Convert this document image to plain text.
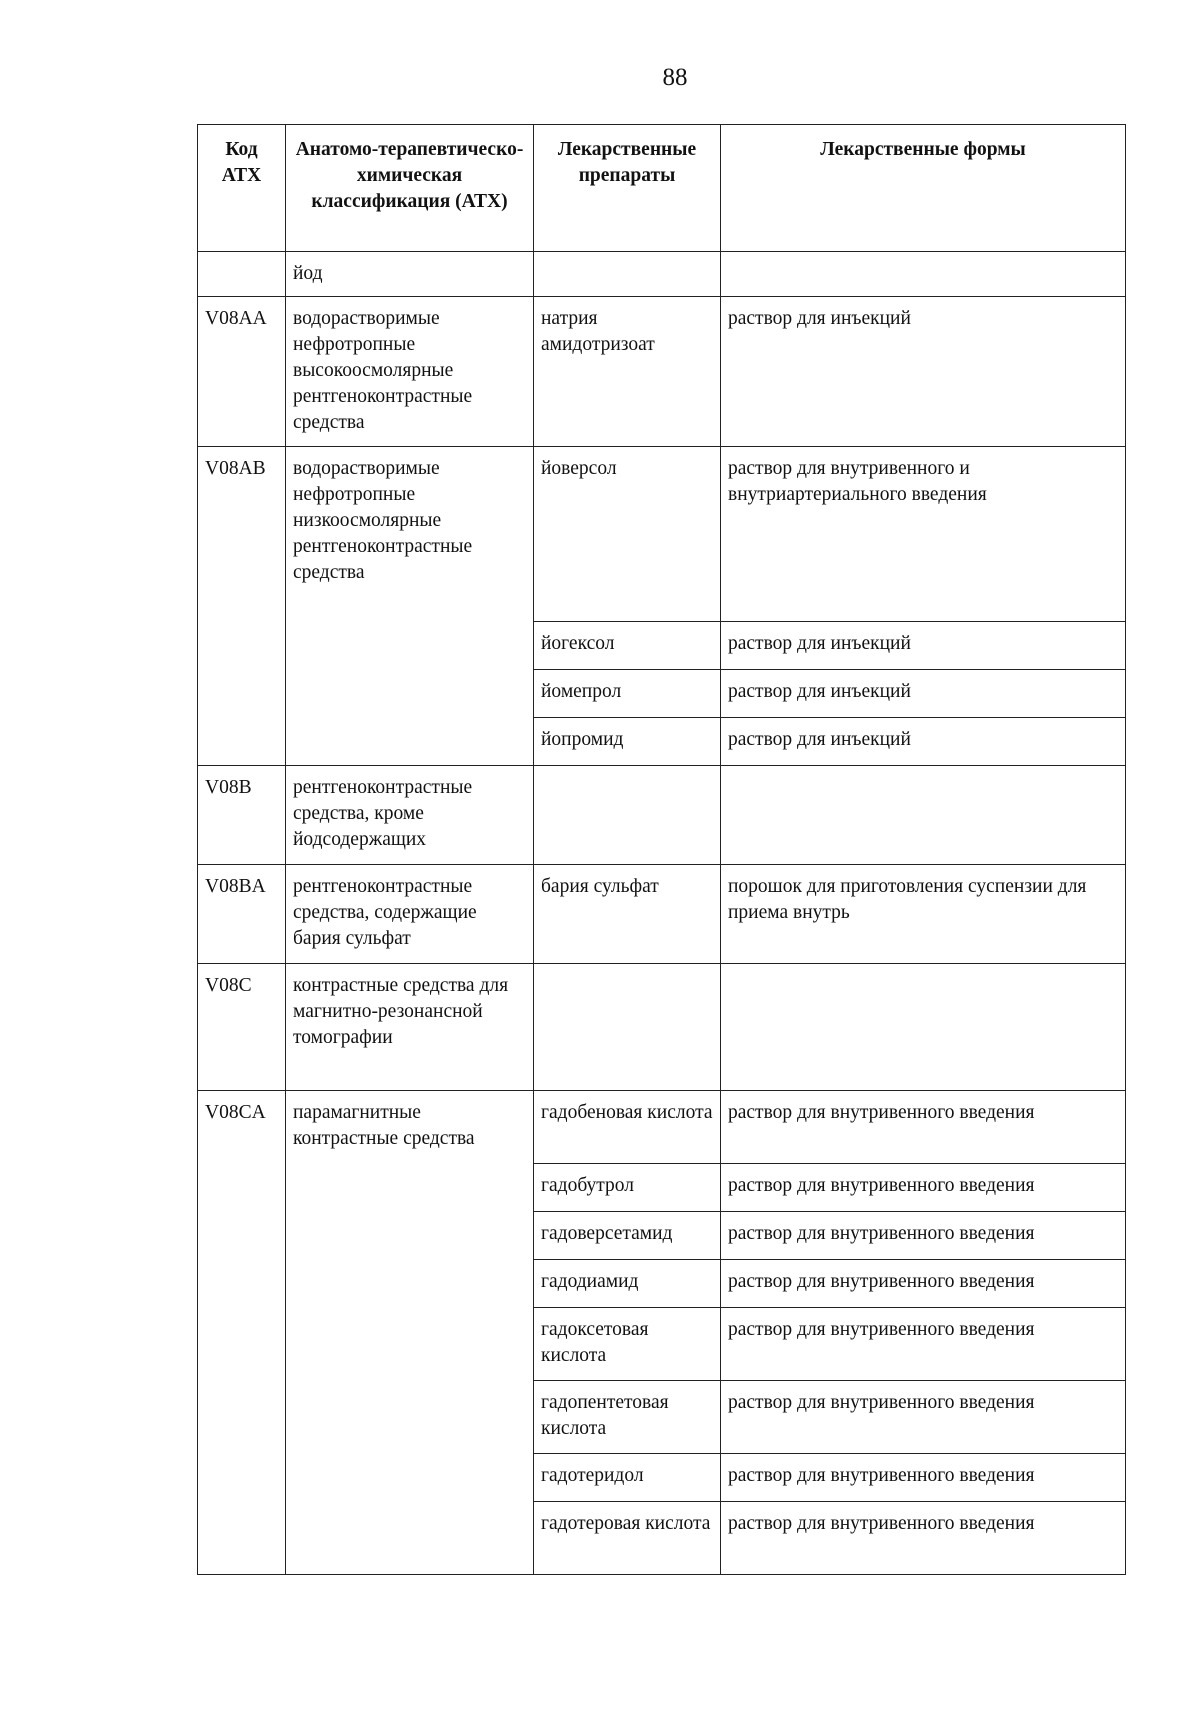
88
Код АТХ	Анатомо-терапевтическо-химическая классификация (АТХ)	Лекарственные препараты	Лекарственные формы
	йод		
V08AA	водорастворимые нефротропные высокоосмолярные рентгеноконтрастные средства	натрия амидотризоат	раствор для инъекций
V08AB	водорастворимые нефротропные низкоосмолярные рентгеноконтрастные средства	йоверсол	раствор для внутривенного и внутриартериального введения
		йогексол	раствор для инъекций
		йомепрол	раствор для инъекций
		йопромид	раствор для инъекций
V08B	рентгеноконтрастные средства, кроме йодсодержащих		
V08BA	рентгеноконтрастные средства, содержащие бария сульфат	бария сульфат	порошок для приготовления суспензии для приема внутрь
V08C	контрастные средства для магнитно-резонансной томографии		
V08CA	парамагнитные контрастные средства	гадобеновая кислота	раствор для внутривенного введения
		гадобутрол	раствор для внутривенного введения
		гадоверсетамид	раствор для внутривенного введения
		гадодиамид	раствор для внутривенного введения
		гадоксетовая кислота	раствор для внутривенного введения
		гадопентетовая кислота	раствор для внутривенного введения
		гадотеридол	раствор для внутривенного введения
		гадотеровая кислота	раствор для внутривенного введения
